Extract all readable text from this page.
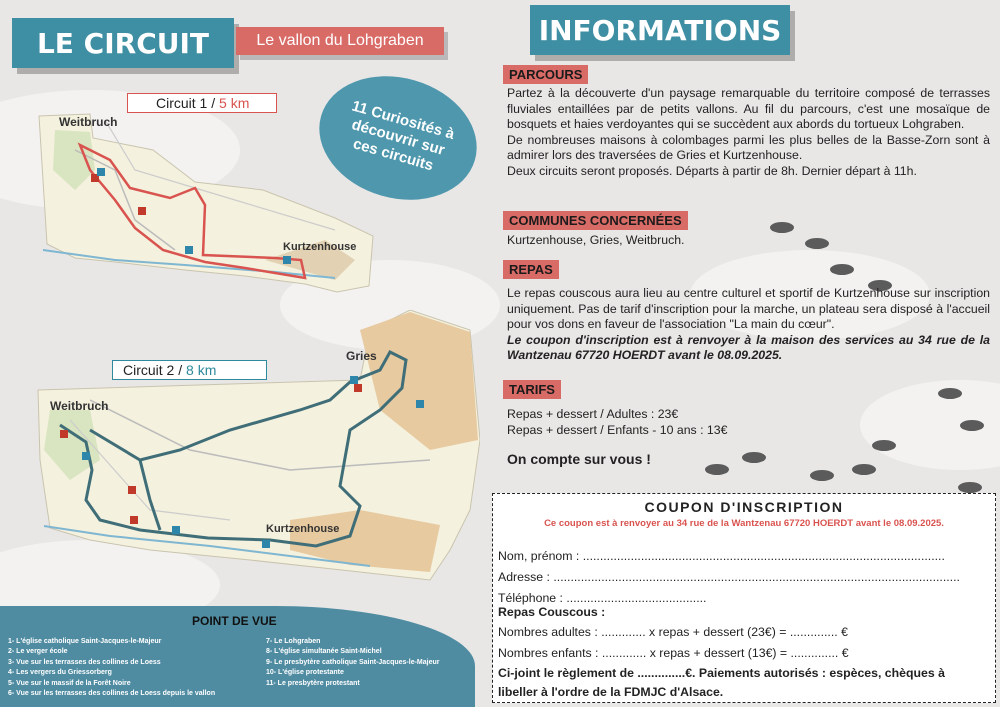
LE CIRCUIT	Le vallon du Lohgraben
Circuit 1 / 5 km
Weitbruch
Kurtzenhouse
11 Curiosités à découvrir sur ces circuits
Circuit 2 / 8 km
Gries
Weitbruch
Kurtzenhouse
POINT DE VUE
1- L'église catholique Saint-Jacques-le-Majeur
2- Le verger école
3- Vue sur les terrasses des collines de Loess
4- Les vergers du Griessorberg
5- Vue sur le massif de la Forêt Noire
6- Vue sur les terrasses des collines de Loess depuis le vallon
7- Le Lohgraben
8- L'église simultanée Saint-Michel
9- Le presbytère catholique Saint-Jacques-le-Majeur
10- L'église protestante
11- Le presbytère protestant
INFORMATIONS
PARCOURS
Partez à la découverte d'un paysage remarquable du territoire composé de terrasses fluviales entaillées par de petits vallons. Au fil du parcours, c'est une mosaïque de bosquets et haies verdoyantes qui se succèdent aux abords du tortueux Lohgraben.
De nombreuses maisons à colombages parmi les plus belles de la Basse-Zorn sont à admirer lors des traversées de Gries et Kurtzenhouse.
Deux circuits seront proposés. Départs à partir de 8h. Dernier départ à 11h.
COMMUNES CONCERNÉES
Kurtzenhouse, Gries, Weitbruch.
REPAS
Le repas couscous aura lieu au centre culturel et sportif de Kurtzenhouse sur inscription uniquement. Pas de tarif d'inscription pour la marche, un plateau sera disposé à l'accueil pour vos dons en faveur de l'association "La main du cœur".
Le coupon d'inscription est à renvoyer à la maison des services au 34 rue de la Wantzenau 67720 HOERDT avant le 08.09.2025.
TARIFS
Repas + dessert / Adultes : 23€
Repas + dessert / Enfants - 10 ans : 13€
On compte sur vous !
COUPON D'INSCRIPTION
Ce coupon est à renvoyer au 34 rue de la Wantzenau 67720 HOERDT avant le 08.09.2025.
Nom, prénom : ..........................................................................................................
Adresse : .......................................................................................................................
Téléphone : .........................................
Repas Couscous :
Nombres adultes : ............. x repas + dessert (23€) = .............. €
Nombres enfants : ............. x repas + dessert (13€) = .............. €
Ci-joint le règlement de ..............€. Paiements autorisés : espèces, chèques à
libeller à l'ordre de la FDMJC d'Alsace.
